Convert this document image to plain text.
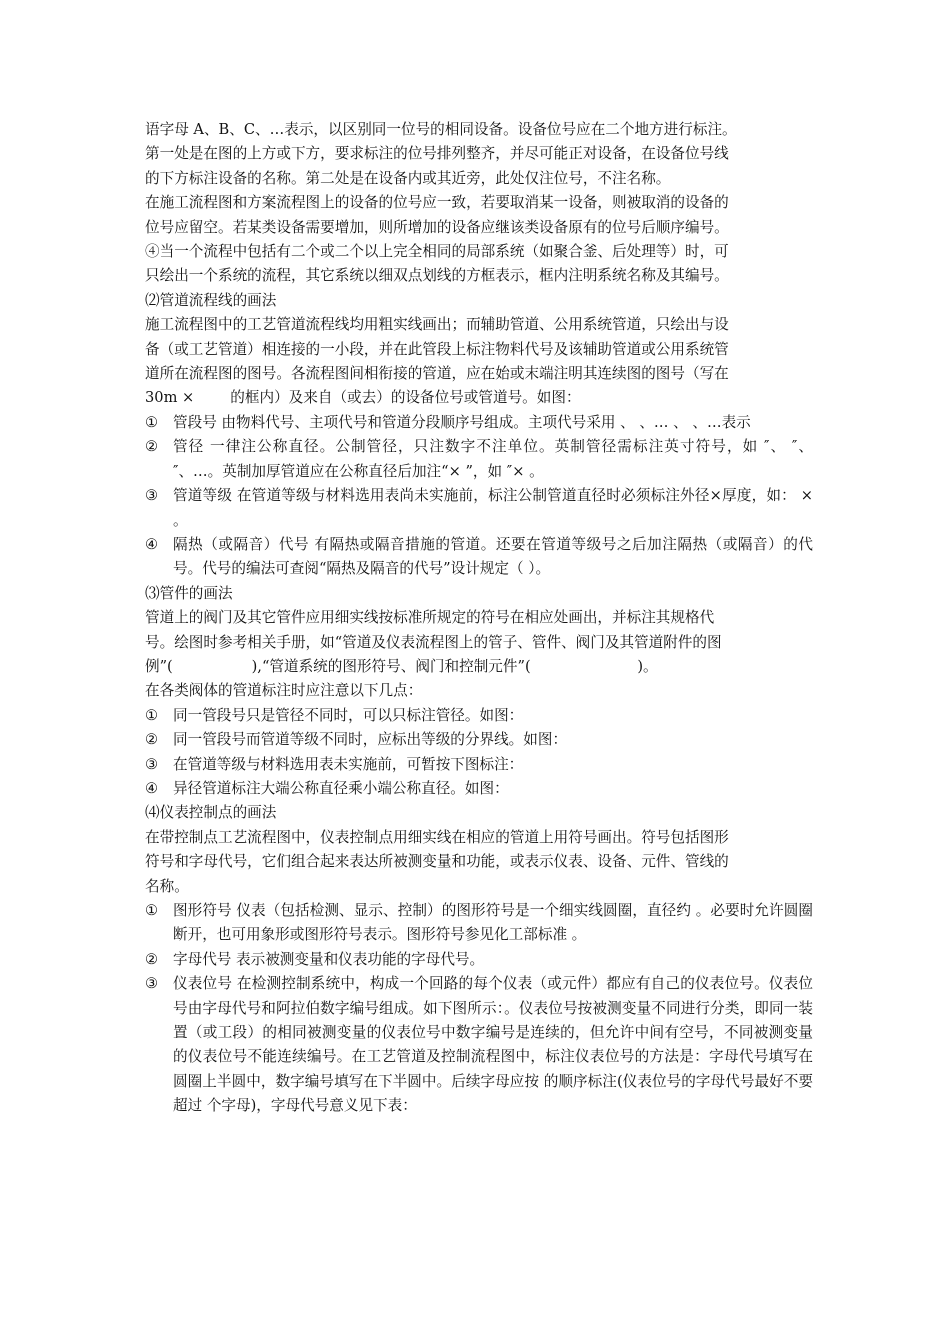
语字母 A、B、C、…表示，以区别同一位号的相同设备。设备位号应在二个地方进行标注。

第一处是在图的上方或下方，要求标注的位号排列整齐，并尽可能正对设备，在设备位号线

的下方标注设备的名称。第二处是在设备内或其近旁，此处仅注位号，不注名称。

在施工流程图和方案流程图上的设备的位号应一致，若要取消某一设备，则被取消的设备的

位号应留空。若某类设备需要增加，则所增加的设备应继该类设备原有的位号后顺序编号。

④当一个流程中包括有二个或二个以上完全相同的局部系统（如聚合釜、后处理等）时，可

只绘出一个系统的流程，其它系统以细双点划线的方框表示，框内注明系统名称及其编号。

⑵管道流程线的画法

施工流程图中的工艺管道流程线均用粗实线画出；而辅助管道、公用系统管道，只绘出与设

备（或工艺管道）相连接的一小段，并在此管段上标注物料代号及该辅助管道或公用系统管

道所在流程图的图号。各流程图间相衔接的管道，应在始或末端注明其连续图的图号（写在

30m × 的框内）及来自（或去）的设备位号或管道号。如图：

①	管段号 由物料代号、主项代号和管道分段顺序号组成。主项代号采用 、 、… 、 、…表示
②	管径 一律注公称直径。公制管径，只注数字不注单位。英制管径需标注英寸符号，如 ″、 ″、 ″、…。英制加厚管道应在公称直径后加注“× ”，如 ″× 。
③	管道等级 在管道等级与材料选用表尚未实施前，标注公制管道直径时必须标注外径×厚度，如： × 。
④	隔热（或隔音）代号 有隔热或隔音措施的管道。还要在管道等级号之后加注隔热（或隔音）的代号。代号的编法可查阅“隔热及隔音的代号”设计规定（ ）。

⑶管件的画法

管道上的阀门及其它管件应用细实线按标准所规定的符号在相应处画出，并标注其规格代

号。绘图时参考相关手册，如“管道及仪表流程图上的管子、管件、阀门及其管道附件的图

例”(                 ),“管道系统的图形符号、阀门和控制元件”(                       )。

在各类阀体的管道标注时应注意以下几点：

①	同一管段号只是管径不同时，可以只标注管径。如图：
②	同一管段号而管道等级不同时，应标出等级的分界线。如图：
③	在管道等级与材料选用表未实施前，可暂按下图标注：
④	异径管道标注大端公称直径乘小端公称直径。如图：

⑷仪表控制点的画法

在带控制点工艺流程图中，仪表控制点用细实线在相应的管道上用符号画出。符号包括图形

符号和字母代号，它们组合起来表达所被测变量和功能，或表示仪表、设备、元件、管线的

名称。

①	图形符号 仪表（包括检测、显示、控制）的图形符号是一个细实线圆圈，直径约 。必要时允许圆圈断开，也可用象形或图形符号表示。图形符号参见化工部标准 。
②	字母代号 表示被测变量和仪表功能的字母代号。
③	仪表位号 在检测控制系统中，构成一个回路的每个仪表（或元件）都应有自己的仪表位号。仪表位号由字母代号和阿拉伯数字编号组成。如下图所示：。仪表位号按被测变量不同进行分类，即同一装置（或工段）的相同被测变量的仪表位号中数字编号是连续的，但允许中间有空号，不同被测变量的仪表位号不能连续编号。在工艺管道及控制流程图中，标注仪表位号的方法是：字母代号填写在圆圈上半圆中，数字编号填写在下半圆中。后续字母应按 的顺序标注(仪表位号的字母代号最好不要超过 个字母)，字母代号意义见下表：
